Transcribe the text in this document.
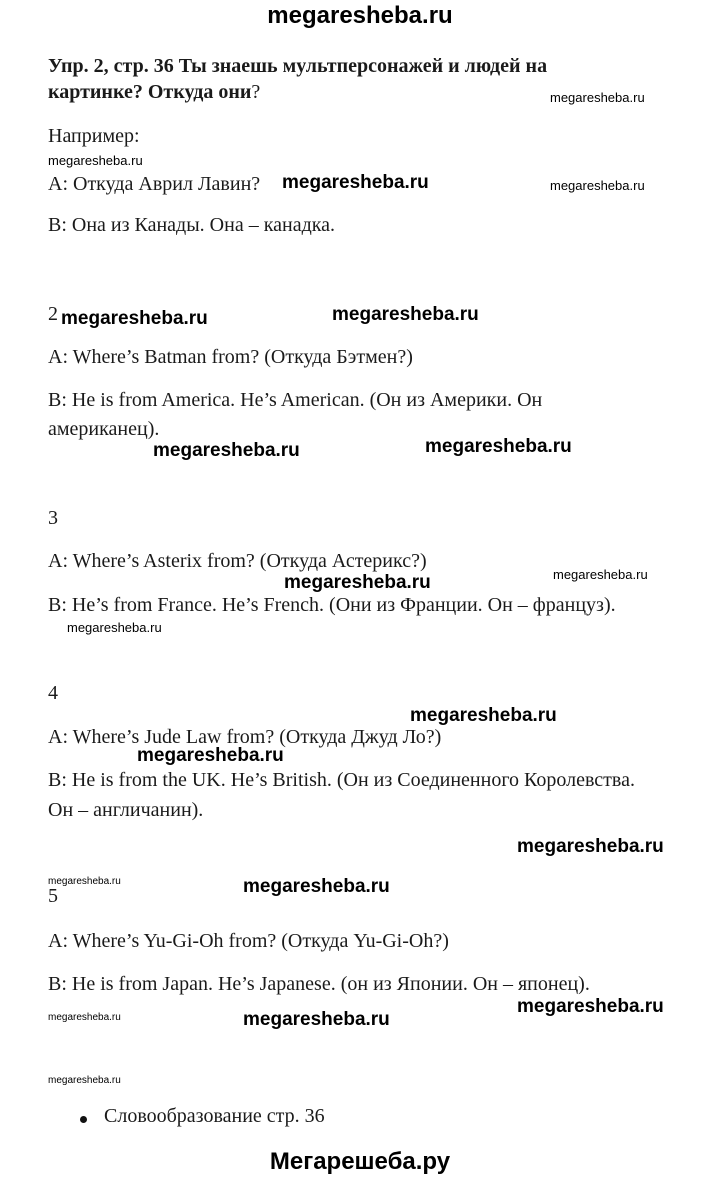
megaresheba.ru
Упр. 2, стр. 36 Ты знаешь мультперсонажей и людей на
картинке? Откуда они?	megaresheba.ru
Например:
megaresheba.ru
A: Откуда Аврил Лавин? megaresheba.ru	megaresheba.ru
B: Она из Канады. Она – канадка.
2 megaresheba.ru	megaresheba.ru
A: Where’s Batman from? (Откуда Бэтмен?)
B: He is from America. He’s American. (Он из Америки. Он
американец).
megaresheba.ru	megaresheba.ru
3
A: Where’s Asterix from? (Откуда Астерикс?)
megaresheba.ru	megaresheba.ru
B: He’s from France. He’s French. (Они из Франции. Он – француз).
megaresheba.ru
4
megaresheba.ru
A: Where’s Jude Law from? (Откуда Джуд Ло?)
megaresheba.ru
B: He is from the UK. He’s British. (Он из Соединенного Королевства.
Он – англичанин).
megaresheba.ru
megaresheba.ru	megaresheba.ru
5
A: Where’s Yu-Gi-Oh from? (Откуда Yu-Gi-Oh?)
B: He is from Japan. He’s Japanese. (он из Японии. Он – японец).
megaresheba.ru
megaresheba.ru	megaresheba.ru
megaresheba.ru
Словообразование стр. 36
Мегарешеба.ру
